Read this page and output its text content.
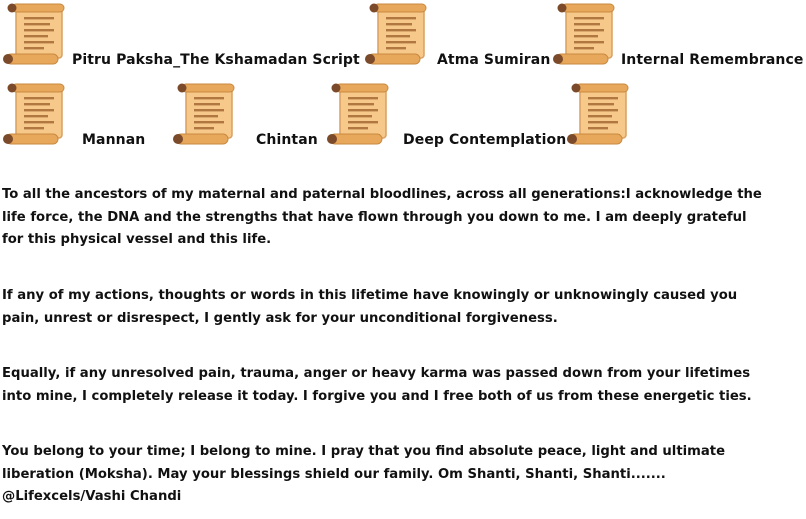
Pitru Paksha_The Kshamadan Script	Atma Sumiran	Internal Remembrance
Mannan	Chintan	Deep Contemplation
To all the ancestors of my maternal and paternal bloodlines, across all generations:I acknowledge the
life force, the DNA and the strengths that have flown through you down to me. I am deeply grateful
for this physical vessel and this life.
If any of my actions, thoughts or words in this lifetime have knowingly or unknowingly caused you
pain, unrest or disrespect, I gently ask for your unconditional forgiveness.
Equally, if any unresolved pain, trauma, anger or heavy karma was passed down from your lifetimes
into mine, I completely release it today. I forgive you and I free both of us from these energetic ties.
You belong to your time; I belong to mine. I pray that you find absolute peace, light and ultimate
liberation (Moksha). May your blessings shield our family. Om Shanti, Shanti, Shanti.......
@Lifexcels/Vashi Chandi
